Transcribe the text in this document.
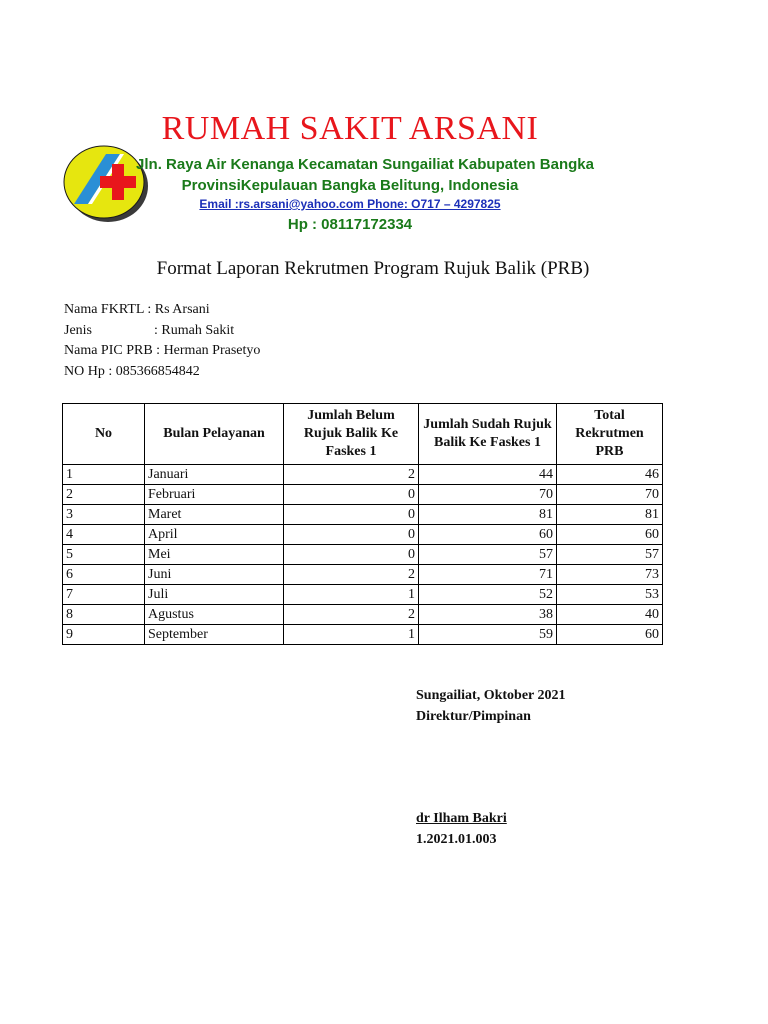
RUMAH SAKIT ARSANI
Jln. Raya Air Kenanga Kecamatan Sungailiat Kabupaten Bangka
ProvinsiKepulauan Bangka Belitung, Indonesia
Email :rs.arsani@yahoo.com Phone: O717 – 4297825
Hp : 08117172334
Format Laporan Rekrutmen Program Rujuk Balik (PRB)
Nama FKRTL : Rs Arsani
Jenis	: Rumah Sakit
Nama PIC PRB : Herman Prasetyo
NO Hp : 085366854842
No	Bulan Pelayanan	Jumlah Belum Rujuk Balik Ke Faskes 1	Jumlah Sudah Rujuk Balik Ke Faskes 1	Total Rekrutmen PRB
1	Januari	2	44	46
2	Februari	0	70	70
3	Maret	0	81	81
4	April	0	60	60
5	Mei	0	57	57
6	Juni	2	71	73
7	Juli	1	52	53
8	Agustus	2	38	40
9	September	1	59	60
Sungailiat, Oktober 2021
Direktur/Pimpinan
dr Ilham Bakri
1.2021.01.003
